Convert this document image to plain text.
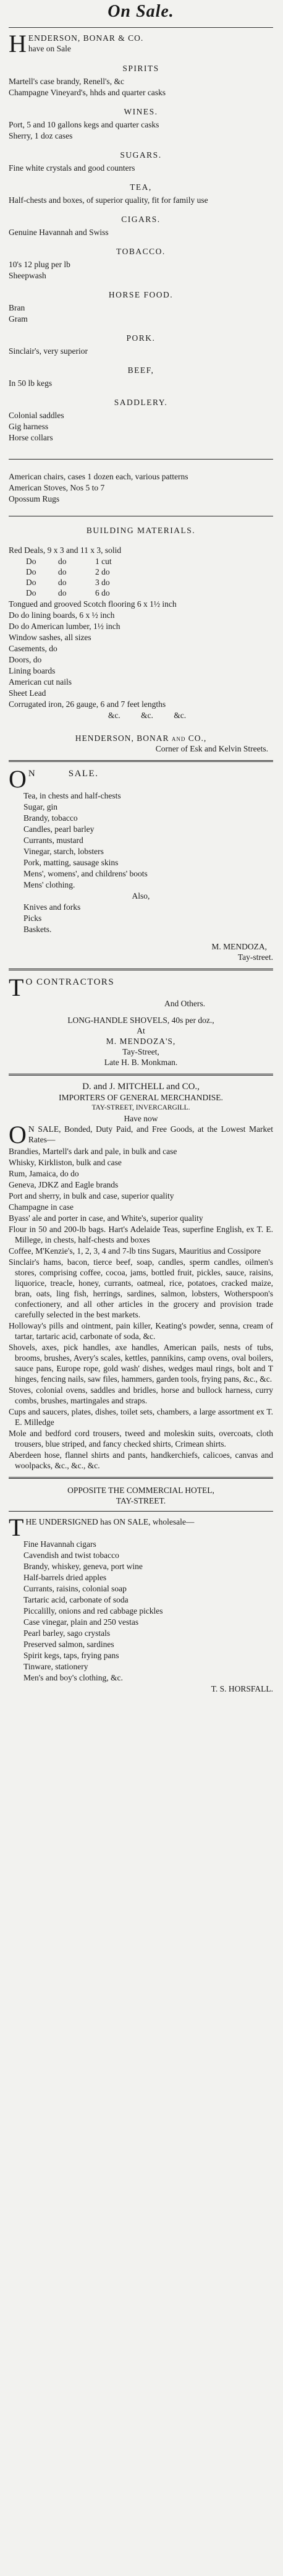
On Sale.
H ENDERSON, BONAR & CO.
have on Sale
SPIRITS
Martell's case brandy, Renell's, &c
Champagne Vineyard's, hhds and quarter casks
WINES.
Port, 5 and 10 gallons kegs and quarter casks
Sherry, 1 doz cases
SUGARS.
Fine white crystals and good counters
TEA,
Half-chests and boxes, of superior quality, fit for family use
CIGARS.
Genuine Havannah and Swiss
TOBACCO.
10's 12 plug per lb
Sheepwash
HORSE FOOD.
Bran
Gram
PORK.
Sinclair's, very superior
BEEF,
In 50 lb kegs
SADDLERY.
Colonial saddles
Gig harness
Horse collars
American chairs, cases 1 dozen each, various patterns
American Stoves, Nos 5 to 7
Opossum Rugs
BUILDING MATERIALS.
Red Deals, 9 x 3 and 11 x 3, solid
Do	do	1 cut
Do	do	2 do
Do	do	3 do
Do	do	6 do
Tongued and grooved Scotch flooring 6 x 1½ inch
Do do lining boards, 6 x ½ inch
Do do American lumber, 1½ inch
Window sashes, all sizes
Casements, do
Doors, do
Lining boards
American cut nails
Sheet Lead
Corrugated iron, 26 gauge, 6 and 7 feet lengths
&c. &c. &c.
HENDERSON, BONAR and CO.,
Corner of Esk and Kelvin Streets.
O N          SALE.
Tea, in chests and half-chests
Sugar, gin
Brandy, tobacco
Candles, pearl barley
Currants, mustard
Vinegar, starch, lobsters
Pork, matting, sausage skins
Mens', womens', and childrens' boots
Mens' clothing.
Also,
Knives and forks
Picks
Baskets.
M. MENDOZA,
Tay-street.
T O CONTRACTORS
And Others.
LONG-HANDLE SHOVELS, 40s per doz.,
At
M. MENDOZA'S,
Tay-Street,
Late H. B. Monkman.
D. and J. MITCHELL and CO.,
IMPORTERS OF GENERAL MERCHANDISE.
TAY-STREET, INVERCARGILL.
Have now
O N SALE, Bonded, Duty Paid, and Free Goods, at the Lowest Market Rates—
Brandies, Martell's dark and pale, in bulk and case
Whisky, Kirkliston, bulk and case
Rum, Jamaica, do do
Geneva, JDKZ and Eagle brands
Port and sherry, in bulk and case, superior quality
Champagne in case
Byass' ale and porter in case, and White's, superior quality
Flour in 50 and 200-lb bags. Hart's Adelaide Teas, superfine English, ex T. E. Millege, in chests, half-chests and boxes
Coffee, M'Kenzie's, 1, 2, 3, 4 and 7-lb tins Sugars, Mauritius and Cossipore
Sinclair's hams, bacon, tierce beef, soap, candles, sperm candles, oilmen's stores, comprising coffee, cocoa, jams, bottled fruit, pickles, sauce, raisins, liquorice, treacle, honey, currants, oatmeal, rice, potatoes, cracked maize, bran, oats, ling fish, herrings, sardines, salmon, lobsters, Wotherspoon's confectionery, and all other articles in the grocery and provision trade carefully selected in the best markets.
Holloway's pills and ointment, pain killer, Keating's powder, senna, cream of tartar, tartaric acid, carbonate of soda, &c.
Shovels, axes, pick handles, axe handles, American pails, nests of tubs, brooms, brushes, Avery's scales, kettles, pannikins, camp ovens, oval boilers, sauce pans, Europe rope, gold wash' dishes, wedges maul rings, bolt and T hinges, fencing nails, saw files, hammers, garden tools, frying pans, &c., &c.
Stoves, colonial ovens, saddles and bridles, horse and bullock harness, curry combs, brushes, martingales and straps.
Cups and saucers, plates, dishes, toilet sets, chambers, a large assortment ex T. E. Milledge
Mole and bedford cord trousers, tweed and moleskin suits, overcoats, cloth trousers, blue striped, and fancy checked shirts, Crimean shirts.
Aberdeen hose, flannel shirts and pants, handkerchiefs, calicoes, canvas and woolpacks, &c., &c., &c.
OPPOSITE THE COMMERCIAL HOTEL,
TAY-STREET.
T HE UNDERSIGNED has ON SALE, wholesale—
Fine Havannah cigars
Cavendish and twist tobacco
Brandy, whiskey, geneva, port wine
Half-barrels dried apples
Currants, raisins, colonial soap
Tartaric acid, carbonate of soda
Piccalilly, onions and red cabbage pickles
Case vinegar, plain and 250 vestas
Pearl barley, sago crystals
Preserved salmon, sardines
Spirit kegs, taps, frying pans
Tinware, stationery
Men's and boy's clothing, &c.
T. S. HORSFALL.
